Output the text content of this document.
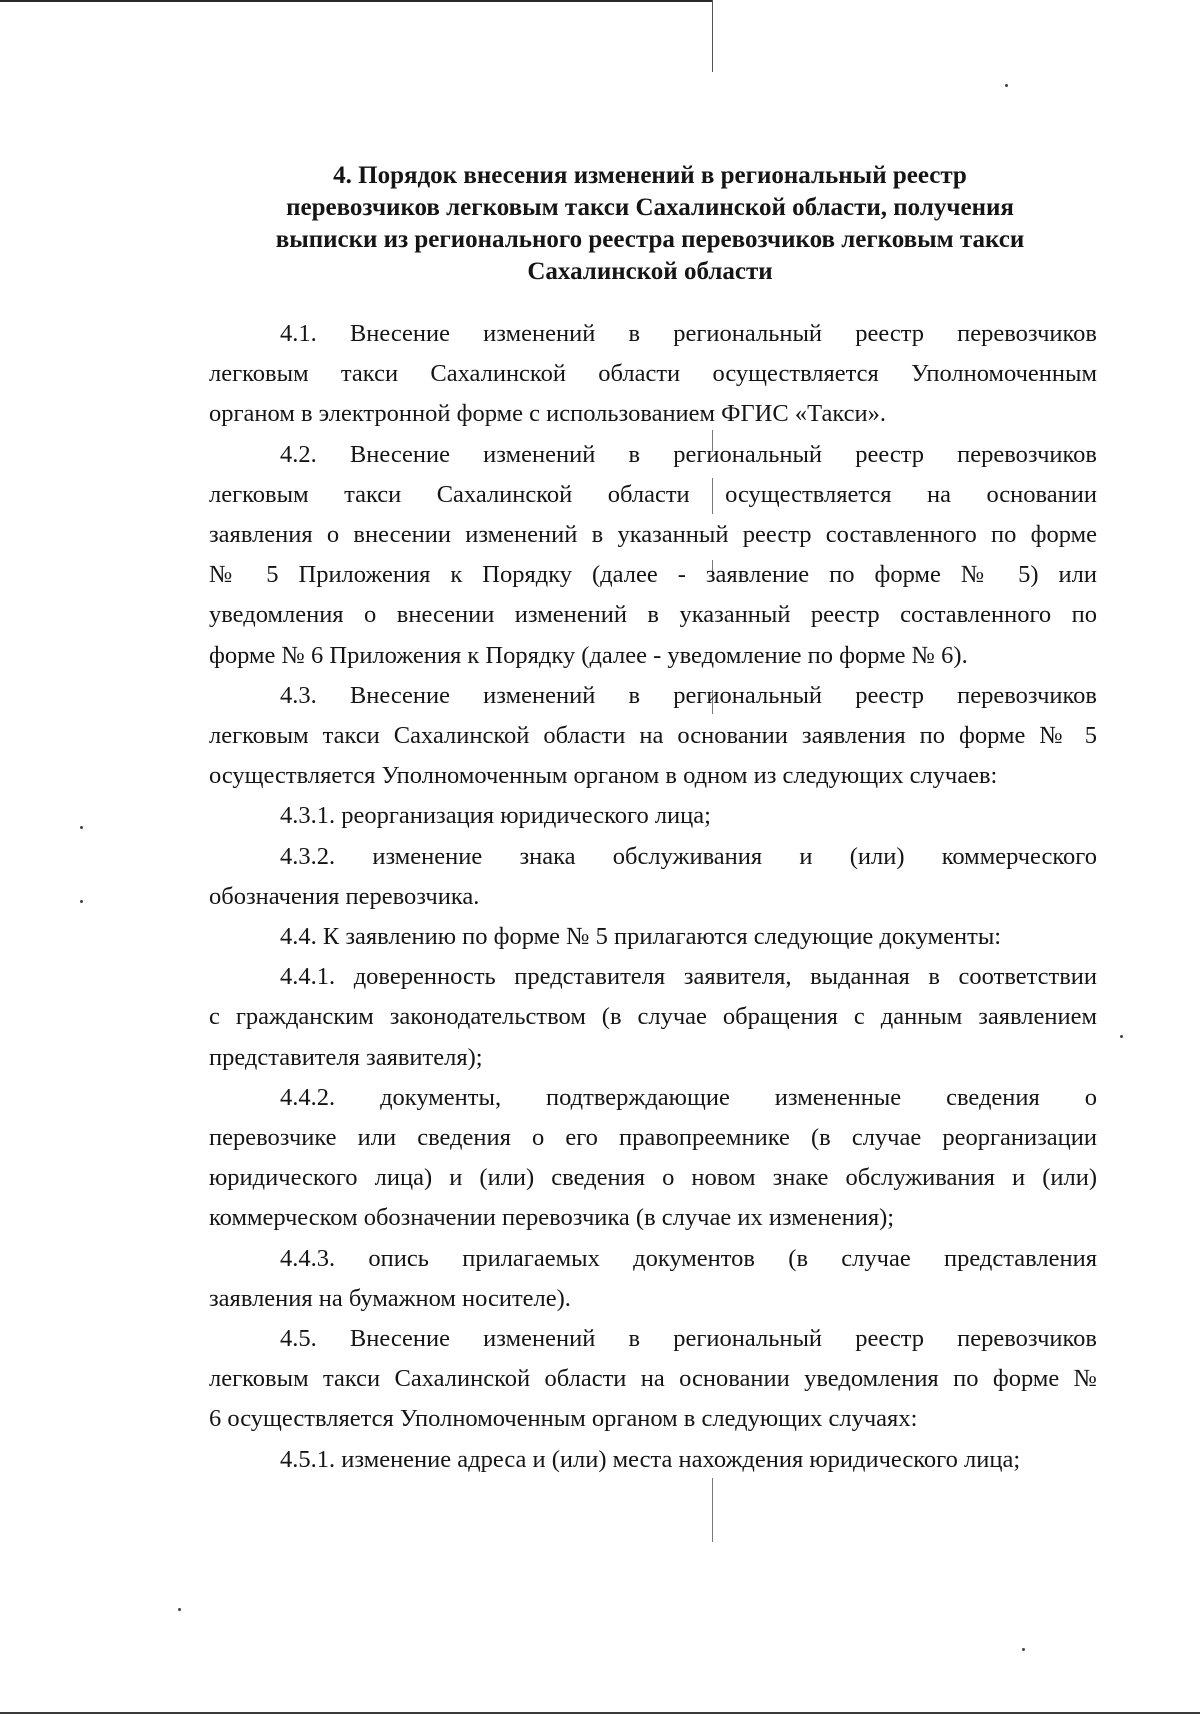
4. Порядок внесения изменений в региональный реестр
перевозчиков легковым такси Сахалинской области, получения
выписки из регионального реестра перевозчиков легковым такси
Сахалинской области
4.1. Внесение изменений в региональный реестр перевозчиков
легковым такси Сахалинской области осуществляется Уполномоченным
органом в электронной форме с использованием ФГИС «Такси».
4.2. Внесение изменений в региональный реестр перевозчиков
легковым такси Сахалинской области осуществляется на основании
заявления о внесении изменений в указанный реестр составленного по форме
№ 5 Приложения к Порядку (далее - заявление по форме № 5) или
уведомления о внесении изменений в указанный реестр составленного по
форме № 6 Приложения к Порядку (далее - уведомление по форме № 6).
4.3. Внесение изменений в региональный реестр перевозчиков
легковым такси Сахалинской области на основании заявления по форме № 5
осуществляется Уполномоченным органом в одном из следующих случаев:
4.3.1. реорганизация юридического лица;
4.3.2. изменение знака обслуживания и (или) коммерческого
обозначения перевозчика.
4.4. К заявлению по форме № 5 прилагаются следующие документы:
4.4.1. доверенность представителя заявителя, выданная в соответствии
с гражданским законодательством (в случае обращения с данным заявлением
представителя заявителя);
4.4.2. документы, подтверждающие измененные сведения о
перевозчике или сведения о его правопреемнике (в случае реорганизации
юридического лица) и (или) сведения о новом знаке обслуживания и (или)
коммерческом обозначении перевозчика (в случае их изменения);
4.4.3. опись прилагаемых документов (в случае представления
заявления на бумажном носителе).
4.5. Внесение изменений в региональный реестр перевозчиков
легковым такси Сахалинской области на основании уведомления по форме №
6 осуществляется Уполномоченным органом в следующих случаях:
4.5.1. изменение адреса и (или) места нахождения юридического лица;
